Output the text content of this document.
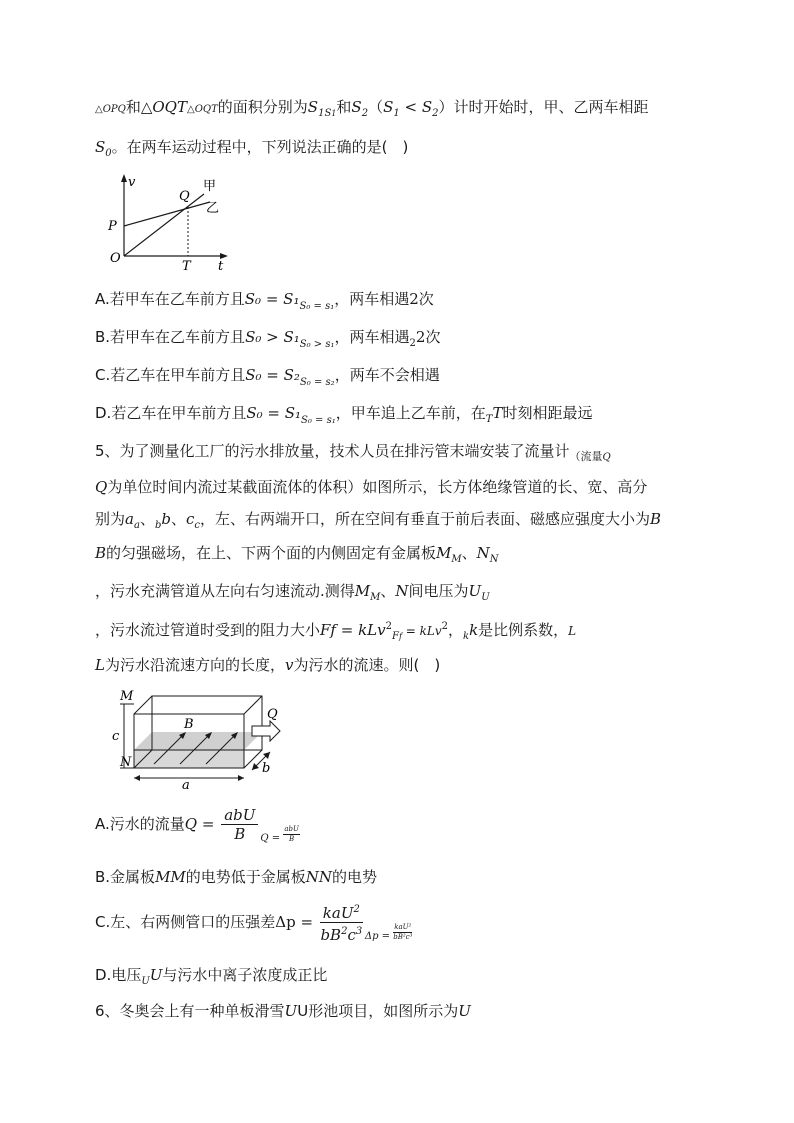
△OPQ和△OQT△OQT的面积分别为$S_{1S1}$和$S_2(S_1 < S_2)$计时开始时，甲、乙两车相距
$S_0$。在两车运动过程中，下列说法正确的是(　)
v
t
P
Q
O
T
甲
乙
A.若甲车在乙车前方且$S_0 = S_1_{S_0 = s_1}$，两车相遇2次
B.若甲车在乙车前方且$S_0 > S_1_{S_0 > s_1}$，两车相遇$_2$2次
C.若乙车在甲车前方且$S_0 = S_2_{S_0 = s_2}$，两车不会相遇
D.若乙车在甲车前方且$S_0 = S_1_{S_0 = s_1}$，甲车追上乙车前，在$_T$T时刻相距最远
5、为了测量化工厂的污水排放量，技术人员在排污管末端安装了流量计$_{(流量Q}$
Q为单位时间内流过某截面流体的体积）如图所示，长方体绝缘管道的长、宽、高分
别为$a_a$、$_b$b、$c_c$，左、右两端开口，所在空间有垂直于前后表面、磁感应强度大小为B
B的匀强磁场，在上、下两个面的内侧固定有金属板$M_M$、$N_N$
，污水充满管道从左向右匀速流动.测得$M_M$、N间电压为$U_U$
，污水流过管道时受到的阻力大小Ff = kLv$^2_{Ff}$ = kLv$^2$，$_k$k是比例系数，L
L为污水沿流速方向的长度，v为污水的流速。则(　)
M
N
c
B
Q
a
b
A.污水的流量$Q = \frac{\text{abU}}{B} _{Q =} \frac{\text{abU}}{B}$
B.金属板MM的电势低于金属板NN的电势
C.左、右两侧管口的压强差$\Delta p = \frac{kaU^2}{bB^2c^3} _{\Delta p =} \frac{\text{kaU²}}{\text{bB²c³}}$
D.电压$_U$U与污水中离子浓度成正比
6、冬奥会上有一种单板滑雪UU形池项目，如图所示为U
